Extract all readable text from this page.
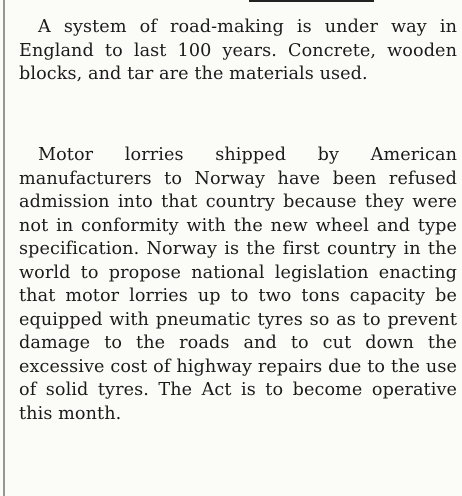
A system of road-making is under way in England to last 100 years. Concrete, wooden blocks, and tar are the materials used.

Motor lorries shipped by American manufacturers to Norway have been refused admission into that country because they were not in conformity with the new wheel and type specification. Norway is the first country in the world to propose national legislation enacting that motor lorries up to two tons capacity be equipped with pneumatic tyres so as to prevent damage to the roads and to cut down the excessive cost of highway repairs due to the use of solid tyres. The Act is to become operative this month.
